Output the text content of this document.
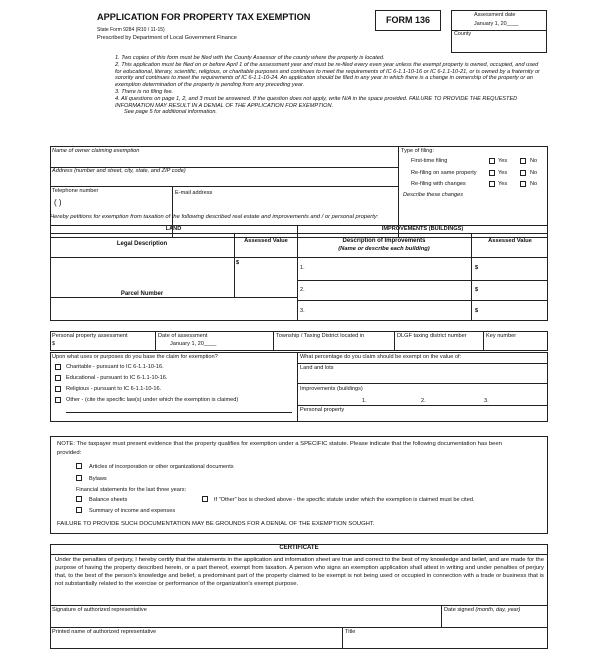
APPLICATION FOR PROPERTY TAX EXEMPTION
State Form 9284 (R10 / 11-15)
Prescribed by Department of Local Government Finance
FORM 136	Assessment date
January 1, 20____
County
1. Two copies of this form must be filed with the County Assessor of the county where the property is located.
2. This application must be filed on or before April 1 of the assessment year and must be re-filed every even year unless the exempt property is owned, occupied, and used for educational, literary, scientific, religious, or charitable purposes and continues to meet the requirements of IC 6-1.1-10-16 or IC 6-1.1-10-21, or is owned by a fraternity or sorority and continues to meet the requirements of IC 6-1.1-10-24. An application should be filed in any year in which there is a change in ownership of the property or an exemption determination of the property is pending from any preceding year.
3. There is no filing fee.
4. All questions on page 1, 2, and 3 must be answered. If the question does not apply, write N/A in the space provided. FAILURE TO PROVIDE THE REQUESTED INFORMATION MAY RESULT IN A DENIAL OF THE APPLICATION FOR EXEMPTION.
See page 5 for additional information.
Name of owner claiming exemption
Address (number and street, city, state, and ZIP code)
Telephone number
( )
E-mail address
Type of filing:
First-time filing	Yes	No
Re-filing on same property	Yes	No
Re-filing with changes	Yes	No
Describe these changes
Hereby petitions for exemption from taxation of the following described real estate and improvements and / or personal property:
LAND	IMPROVEMENTS (BUILDINGS)
Legal Description	Assessed Value
$
Parcel Number
Description of Improvements
(Name or describe each building)
Assessed Value
1.	$
2.	$
3.	$
Personal property assessment
$
Date of assessment
January 1, 20____
Township / Taxing District located in	DLGF taxing district number	Key number
Upon what uses or purposes do you base the claim for exemption?
Charitable - pursuant to IC 6-1.1-10-16.
Educational - pursuant to IC 6-1.1-10-16.
Religious - pursuant to IC 6-1.1-10-16.
Other - (cite the specific law(s) under which the exemption is claimed)
What percentage do you claim should be exempt on the value of:
Land and lots
Improvements (buildings)
1.	2.	3.
Personal property
NOTE: The taxpayer must present evidence that the property qualifies for exemption under a SPECIFIC statute. Please indicate that the following documentation has been provided:
Articles of incorporation or other organizational documents
Bylaws
Financial statements for the last three years:
Balance sheets	If "Other" box is checked above - the specific statute under which the exemption is claimed must be cited.
Summary of income and expenses
FAILURE TO PROVIDE SUCH DOCUMENTATION MAY BE GROUNDS FOR A DENIAL OF THE EXEMPTION SOUGHT.
CERTIFICATE
Under the penalties of perjury, I hereby certify that the statements in the application and information sheet are true and correct to the best of my knowledge and belief, and are made for the purpose of having the property described herein, or a part thereof, exempt from taxation. A person who signs an exemption application shall attest in writing and under penalties of perjury that, to the best of the person's knowledge and belief, a predominant part of the property claimed to be exempt is not being used or occupied in connection with a trade or business that is not substantially related to the exercise or performance of the organization's exempt purpose.
Signature of authorized representative	Date signed (month, day, year)
Printed name of authorized representative	Title
